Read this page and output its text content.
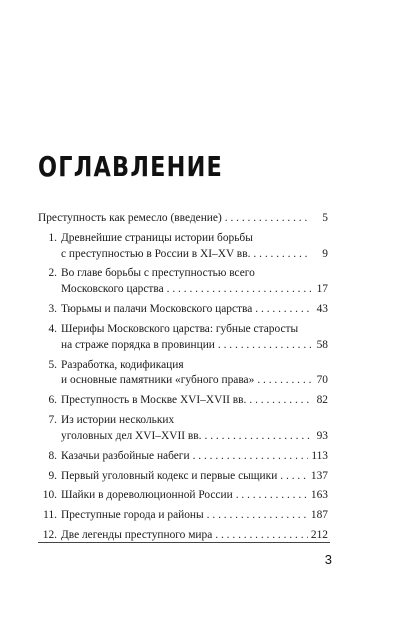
ОГЛАВЛЕНИЕ
Преступность как ремесло (введение) . . .	5
1. Древнейшие страницы истории борьбы
с преступностью в России в XI–XV вв. . . .	9
2. Во главе борьбы с преступностью всего
Московского царства . . .	17
3. Тюрьмы и палачи Московского царства . . .	43
4. Шерифы Московского царства: губные старосты
на страже порядка в провинции . . .	58
5. Разработка, кодификация
и основные памятники «губного права» . . .	70
6. Преступность в Москве XVI–XVII вв. . . .	82
7. Из истории нескольких
уголовных дел XVI–XVII вв. . . .	93
8. Казачьи разбойные набеги . . .	113
9. Первый уголовный кодекс и первые сыщики . . .	137
10. Шайки в дореволюционной России . . .	163
11. Преступные города и районы . . .	187
12. Две легенды преступного мира . . .	212
3
